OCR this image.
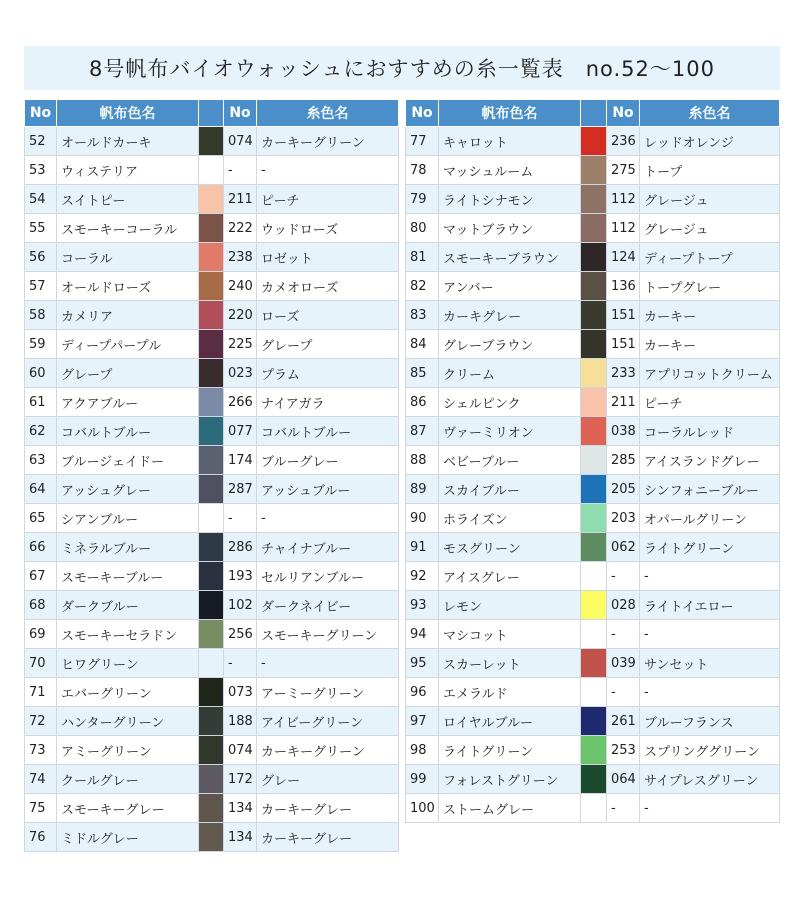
8号帆布バイオウォッシュにおすすめの糸一覧表　no.52〜100
No	帆布色名		No	糸色名
52	オールドカーキ		074	カーキーグリーン
53	ウィステリア		-	-
54	スイトピー		211	ピーチ
55	スモーキーコーラル		222	ウッドローズ
56	コーラル		238	ロゼット
57	オールドローズ		240	カメオローズ
58	カメリア		220	ローズ
59	ディープパープル		225	グレープ
60	グレープ		023	プラム
61	アクアブルー		266	ナイアガラ
62	コバルトブルー		077	コバルトブルー
63	ブルージェイドー		174	ブルーグレー
64	アッシュグレー		287	アッシュブルー
65	シアンブルー		-	-
66	ミネラルブルー		286	チャイナブルー
67	スモーキーブルー		193	セルリアンブルー
68	ダークブルー		102	ダークネイビー
69	スモーキーセラドン		256	スモーキーグリーン
70	ヒワグリーン		-	-
71	エバーグリーン		073	アーミーグリーン
72	ハンターグリーン		188	アイビーグリーン
73	アミーグリーン		074	カーキーグリーン
74	クールグレー		172	グレー
75	スモーキーグレー		134	カーキーグレー
76	ミドルグレー		134	カーキーグレー
No	帆布色名		No	糸色名
77	キャロット		236	レッドオレンジ
78	マッシュルーム		275	トープ
79	ライトシナモン		112	グレージュ
80	マットブラウン		112	グレージュ
81	スモーキーブラウン		124	ディープトープ
82	アンバー		136	トープグレー
83	カーキグレー		151	カーキー
84	グレーブラウン		151	カーキー
85	クリーム		233	アプリコットクリーム
86	シェルピンク		211	ピーチ
87	ヴァーミリオン		038	コーラルレッド
88	ベビーブルー		285	アイスランドグレー
89	スカイブルー		205	シンフォニーブルー
90	ホライズン		203	オパールグリーン
91	モスグリーン		062	ライトグリーン
92	アイスグレー		-	-
93	レモン		028	ライトイエロー
94	マシコット		-	-
95	スカーレット		039	サンセット
96	エメラルド		-	-
97	ロイヤルブルー		261	ブルーフランス
98	ライトグリーン		253	スプリンググリーン
99	フォレストグリーン		064	サイプレスグリーン
100	ストームグレー		-	-
